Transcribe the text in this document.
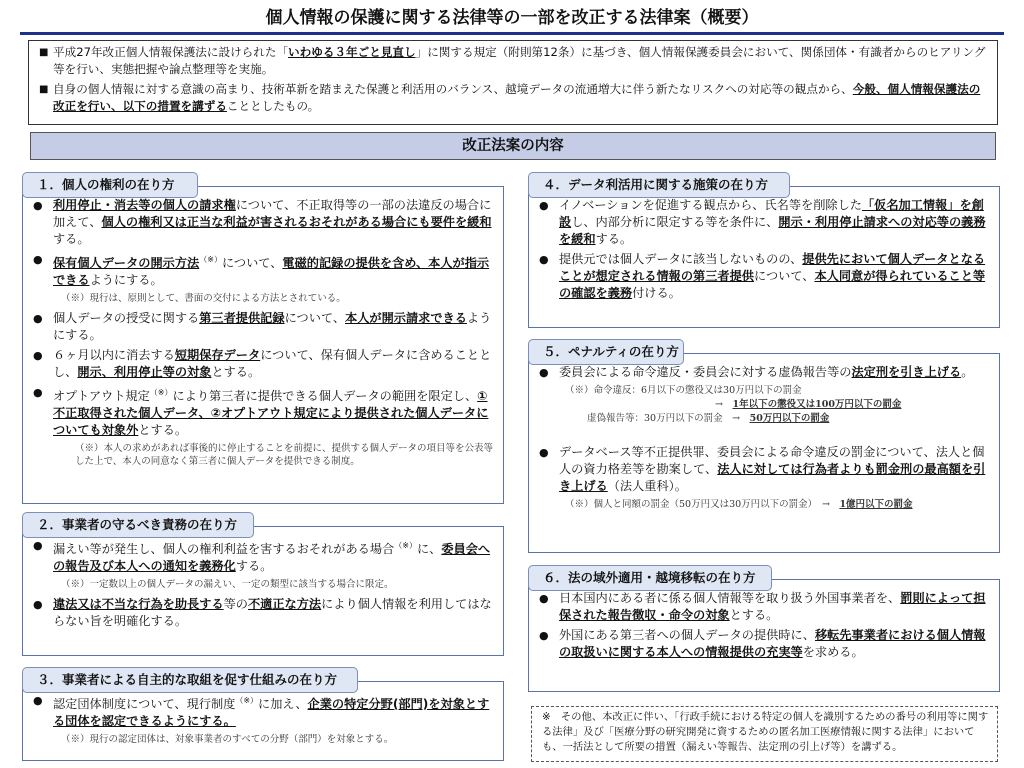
個人情報の保護に関する法律等の一部を改正する法律案（概要）

■ 平成27年改正個人情報保護法に設けられた「いわゆる３年ごと見直し」に関する規定（附則第12条）に基づき、個人情報保護委員会において、関係団体・有識者からのヒアリング等を行い、実態把握や論点整理等を実施。

■ 自身の個人情報に対する意識の高まり、技術革新を踏まえた保護と利活用のバランス、越境データの流通増大に伴う新たなリスクへの対応等の観点から、今般、個人情報保護法の改正を行い、以下の措置を講ずることとしたもの。

改正法案の内容
１．個人の権利の在り方
● 利用停止・消去等の個人の請求権について、不正取得等の一部の法違反の場合に加えて、個人の権利又は正当な利益が害されるおそれがある場合にも要件を緩和する。
● 保有個人データの開示方法（※）について、電磁的記録の提供を含め、本人が指示できるようにする。
（※）現行は、原則として、書面の交付による方法とされている。
● 個人データの授受に関する第三者提供記録について、本人が開示請求できるようにする。
● ６ヶ月以内に消去する短期保存データについて、保有個人データに含めることとし、開示、利用停止等の対象とする。
● オプトアウト規定（※）により第三者に提供できる個人データの範囲を限定し、①不正取得された個人データ、②オプトアウト規定により提供された個人データについても対象外とする。
（※）本人の求めがあれば事後的に停止することを前提に、提供する個人データの項目等を公表等した上で、本人の同意なく第三者に個人データを提供できる制度。
２．事業者の守るべき責務の在り方
● 漏えい等が発生し、個人の権利利益を害するおそれがある場合（※）に、委員会への報告及び本人への通知を義務化する。
（※）一定数以上の個人データの漏えい、一定の類型に該当する場合に限定。
● 違法又は不当な行為を助長する等の不適正な方法により個人情報を利用してはならない旨を明確化する。
３．事業者による自主的な取組を促す仕組みの在り方
● 認定団体制度について、現行制度（※）に加え、企業の特定分野(部門)を対象とする団体を認定できるようにする。
（※）現行の認定団体は、対象事業者のすべての分野（部門）を対象とする。
４．データ利活用に関する施策の在り方
● イノベーションを促進する観点から、氏名等を削除した「仮名加工情報」を創設し、内部分析に限定する等を条件に、開示・利用停止請求への対応等の義務を緩和する。
● 提供元では個人データに該当しないものの、提供先において個人データとなることが想定される情報の第三者提供について、本人同意が得られていること等の確認を義務付ける。
５．ペナルティの在り方
● 委員会による命令違反・委員会に対する虚偽報告等の法定刑を引き上げる。
（※）命令違反：6月以下の懲役又は30万円以下の罰金
→　 1年以下の懲役又は100万円以下の罰金
虚偽報告等：30万円以下の罰金　 →　 50万円以下の罰金
● データベース等不正提供罪、委員会による命令違反の罰金について、法人と個人の資力格差等を勘案して、法人に対しては行為者よりも罰金刑の最高額を引き上げる（法人重科）。
（※）個人と同額の罰金（50万円又は30万円以下の罰金）　 →　 1億円以下の罰金
６．法の域外適用・越境移転の在り方
● 日本国内にある者に係る個人情報等を取り扱う外国事業者を、罰則によって担保された報告徴収・命令の対象とする。
● 外国にある第三者への個人データの提供時に、移転先事業者における個人情報の取扱いに関する本人への情報提供の充実等を求める。
※　その他、本改正に伴い、「行政手続における特定の個人を識別するための番号の利用等に関する法律」及び「医療分野の研究開発に資するための匿名加工医療情報に関する法律」においても、一括法として所要の措置（漏えい等報告、法定刑の引上げ等）を講ずる。
